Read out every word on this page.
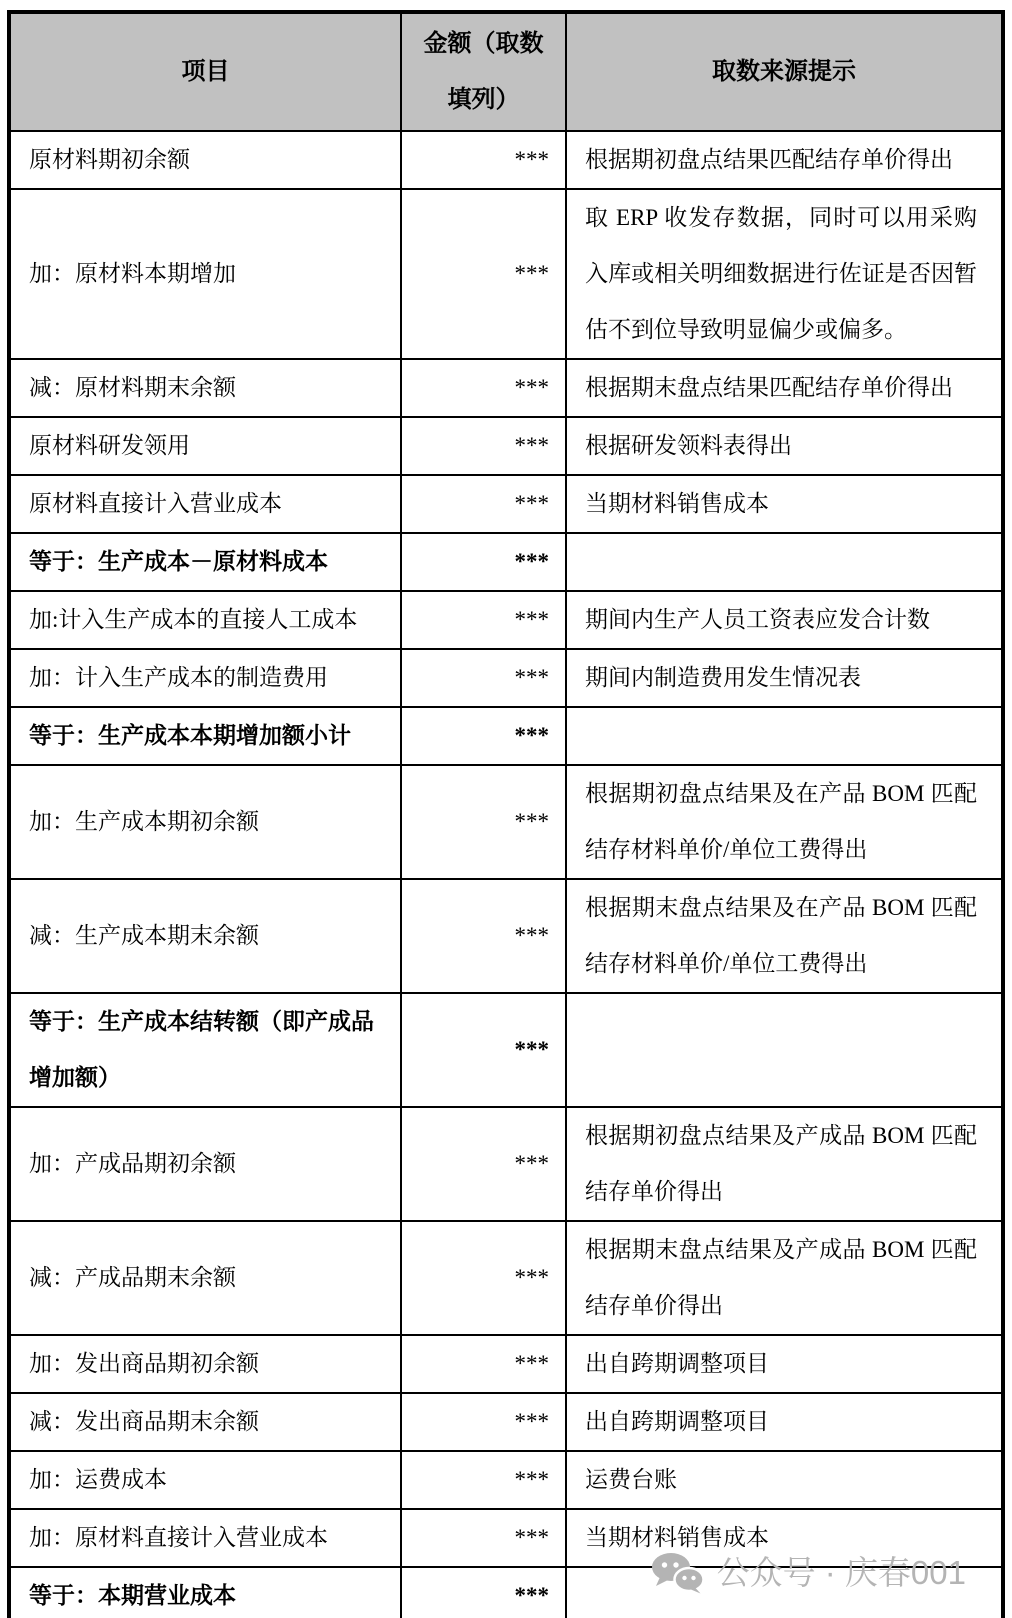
项目	金额（取数填列）	取数来源提示

原材料期初余额	***	根据期初盘点结果匹配结存单价得出
加：原材料本期增加	***	取 ERP 收发存数据，同时可以用采购入库或相关明细数据进行佐证是否因暂估不到位导致明显偏少或偏多。
减：原材料期末余额	***	根据期末盘点结果匹配结存单价得出
原材料研发领用	***	根据研发领料表得出
原材料直接计入营业成本	***	当期材料销售成本
等于：生产成本－原材料成本	***	
加:计入生产成本的直接人工成本	***	期间内生产人员工资表应发合计数
加：计入生产成本的制造费用	***	期间内制造费用发生情况表
等于：生产成本本期增加额小计	***	
加：生产成本期初余额	***	根据期初盘点结果及在产品 BOM 匹配结存材料单价/单位工费得出
减：生产成本期末余额	***	根据期末盘点结果及在产品 BOM 匹配结存材料单价/单位工费得出
等于：生产成本结转额（即产成品增加额）	***	
加：产成品期初余额	***	根据期初盘点结果及产成品 BOM 匹配结存单价得出
减：产成品期末余额	***	根据期末盘点结果及产成品 BOM 匹配结存单价得出
加：发出商品期初余额	***	出自跨期调整项目
减：发出商品期末余额	***	出自跨期调整项目
加：运费成本	***	运费台账
加：原材料直接计入营业成本	***	当期材料销售成本
等于：本期营业成本	***	
公众号 · 庆春001
